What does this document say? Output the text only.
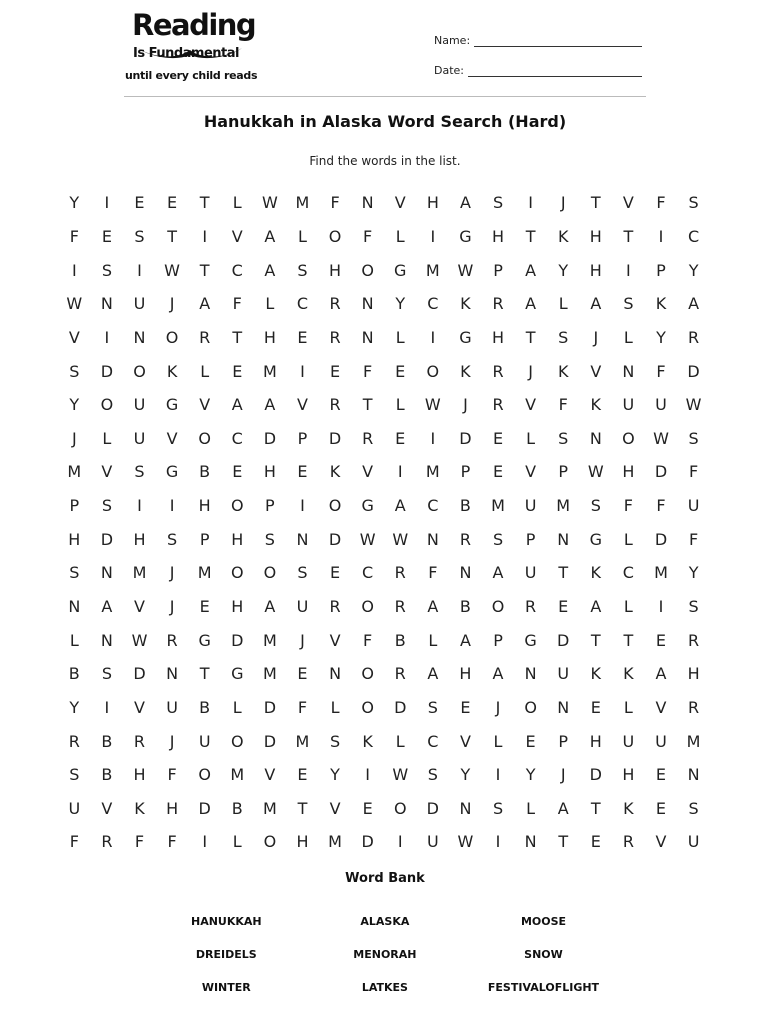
Reading
Is Fundamental
until every child reads
Name:
Date:
Hanukkah in Alaska Word Search (Hard)
Find the words in the list.
Y	I	E	E	T	L	W	M	F	N	V	H	A	S	I	J	T	V	F	S
F	E	S	T	I	V	A	L	O	F	L	I	G	H	T	K	H	T	I	C
I	S	I	W	T	C	A	S	H	O	G	M	W	P	A	Y	H	I	P	Y
W	N	U	J	A	F	L	C	R	N	Y	C	K	R	A	L	A	S	K	A
V	I	N	O	R	T	H	E	R	N	L	I	G	H	T	S	J	L	Y	R
S	D	O	K	L	E	M	I	E	F	E	O	K	R	J	K	V	N	F	D
Y	O	U	G	V	A	A	V	R	T	L	W	J	R	V	F	K	U	U	W
J	L	U	V	O	C	D	P	D	R	E	I	D	E	L	S	N	O	W	S
M	V	S	G	B	E	H	E	K	V	I	M	P	E	V	P	W	H	D	F
P	S	I	I	H	O	P	I	O	G	A	C	B	M	U	M	S	F	F	U
H	D	H	S	P	H	S	N	D	W	W	N	R	S	P	N	G	L	D	F
S	N	M	J	M	O	O	S	E	C	R	F	N	A	U	T	K	C	M	Y
N	A	V	J	E	H	A	U	R	O	R	A	B	O	R	E	A	L	I	S
L	N	W	R	G	D	M	J	V	F	B	L	A	P	G	D	T	T	E	R
B	S	D	N	T	G	M	E	N	O	R	A	H	A	N	U	K	K	A	H
Y	I	V	U	B	L	D	F	L	O	D	S	E	J	O	N	E	L	V	R
R	B	R	J	U	O	D	M	S	K	L	C	V	L	E	P	H	U	U	M
S	B	H	F	O	M	V	E	Y	I	W	S	Y	I	Y	J	D	H	E	N
U	V	K	H	D	B	M	T	V	E	O	D	N	S	L	A	T	K	E	S
F	R	F	F	I	L	O	H	M	D	I	U	W	I	N	T	E	R	V	U
Word Bank
HANUKKAH	ALASKA	MOOSE
DREIDELS	MENORAH	SNOW
WINTER	LATKES	FESTIVALOFLIGHT
